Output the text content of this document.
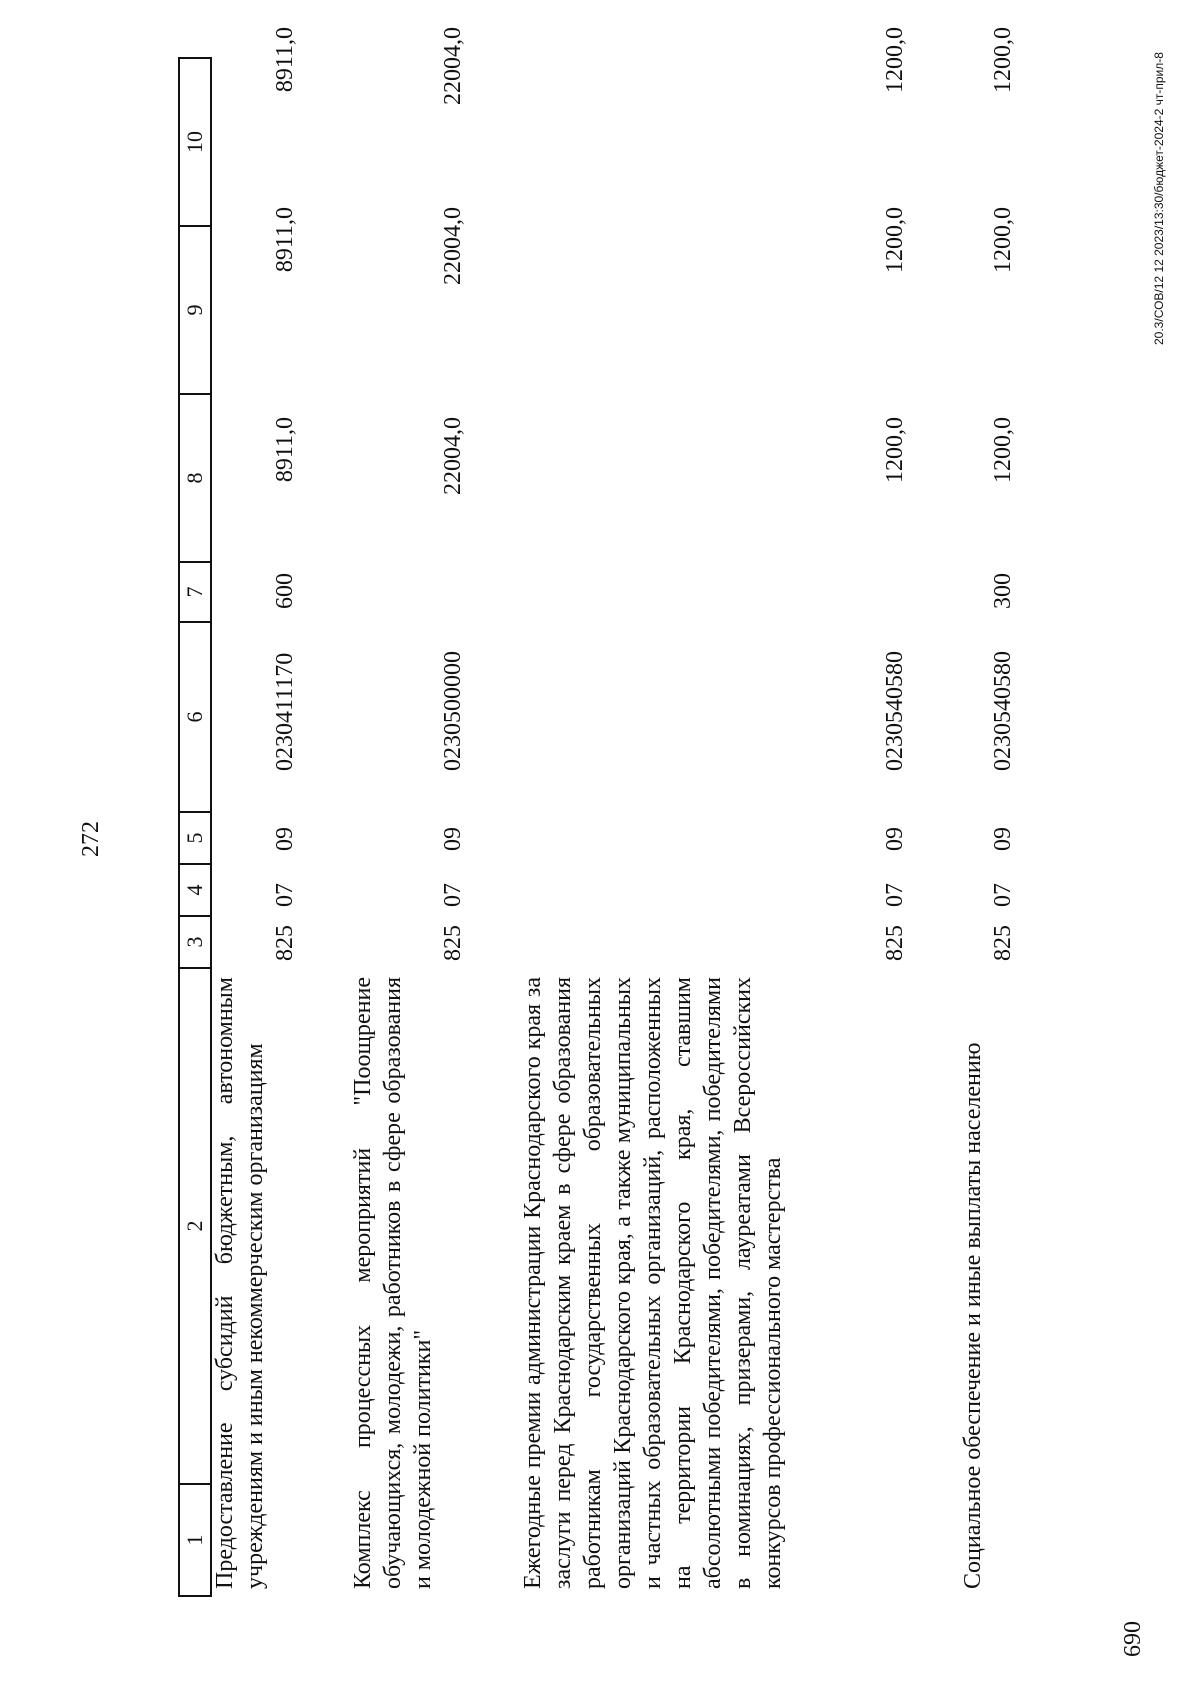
272
1
2
3
4
5
6
7
8
9
10
Предоставление субсидий бюджетным, автономным учреждениям и иным некоммерческим организациям
825
07
09
0230411170
600
8911,0
8911,0
8911,0
Комплекс процессных мероприятий "Поощрение обучающихся, молодежи, работников в сфере образования и молодежной политики"
825
07
09
0230500000
22004,0
22004,0
22004,0
Ежегодные премии администрации Краснодарского края за заслуги перед Краснодарским краем в сфере образования работникам государственных образовательных организаций Краснодарского края, а также муниципальных и частных образовательных организаций, расположенных на территории Краснодарского края, ставшим абсолютными победителями, победителями, победителями в номинациях, призерами, лауреатами Всероссийских конкурсов профессионального мастерства
825
07
09
0230540580
1200,0
1200,0
1200,0
Социальное обеспечение и иные выплаты населению
825
07
09
0230540580
300
1200,0
1200,0
1200,0	20.3/СОВ/12 12 2023/13:30/бюджет-2024-2 чт-прил-8
690
